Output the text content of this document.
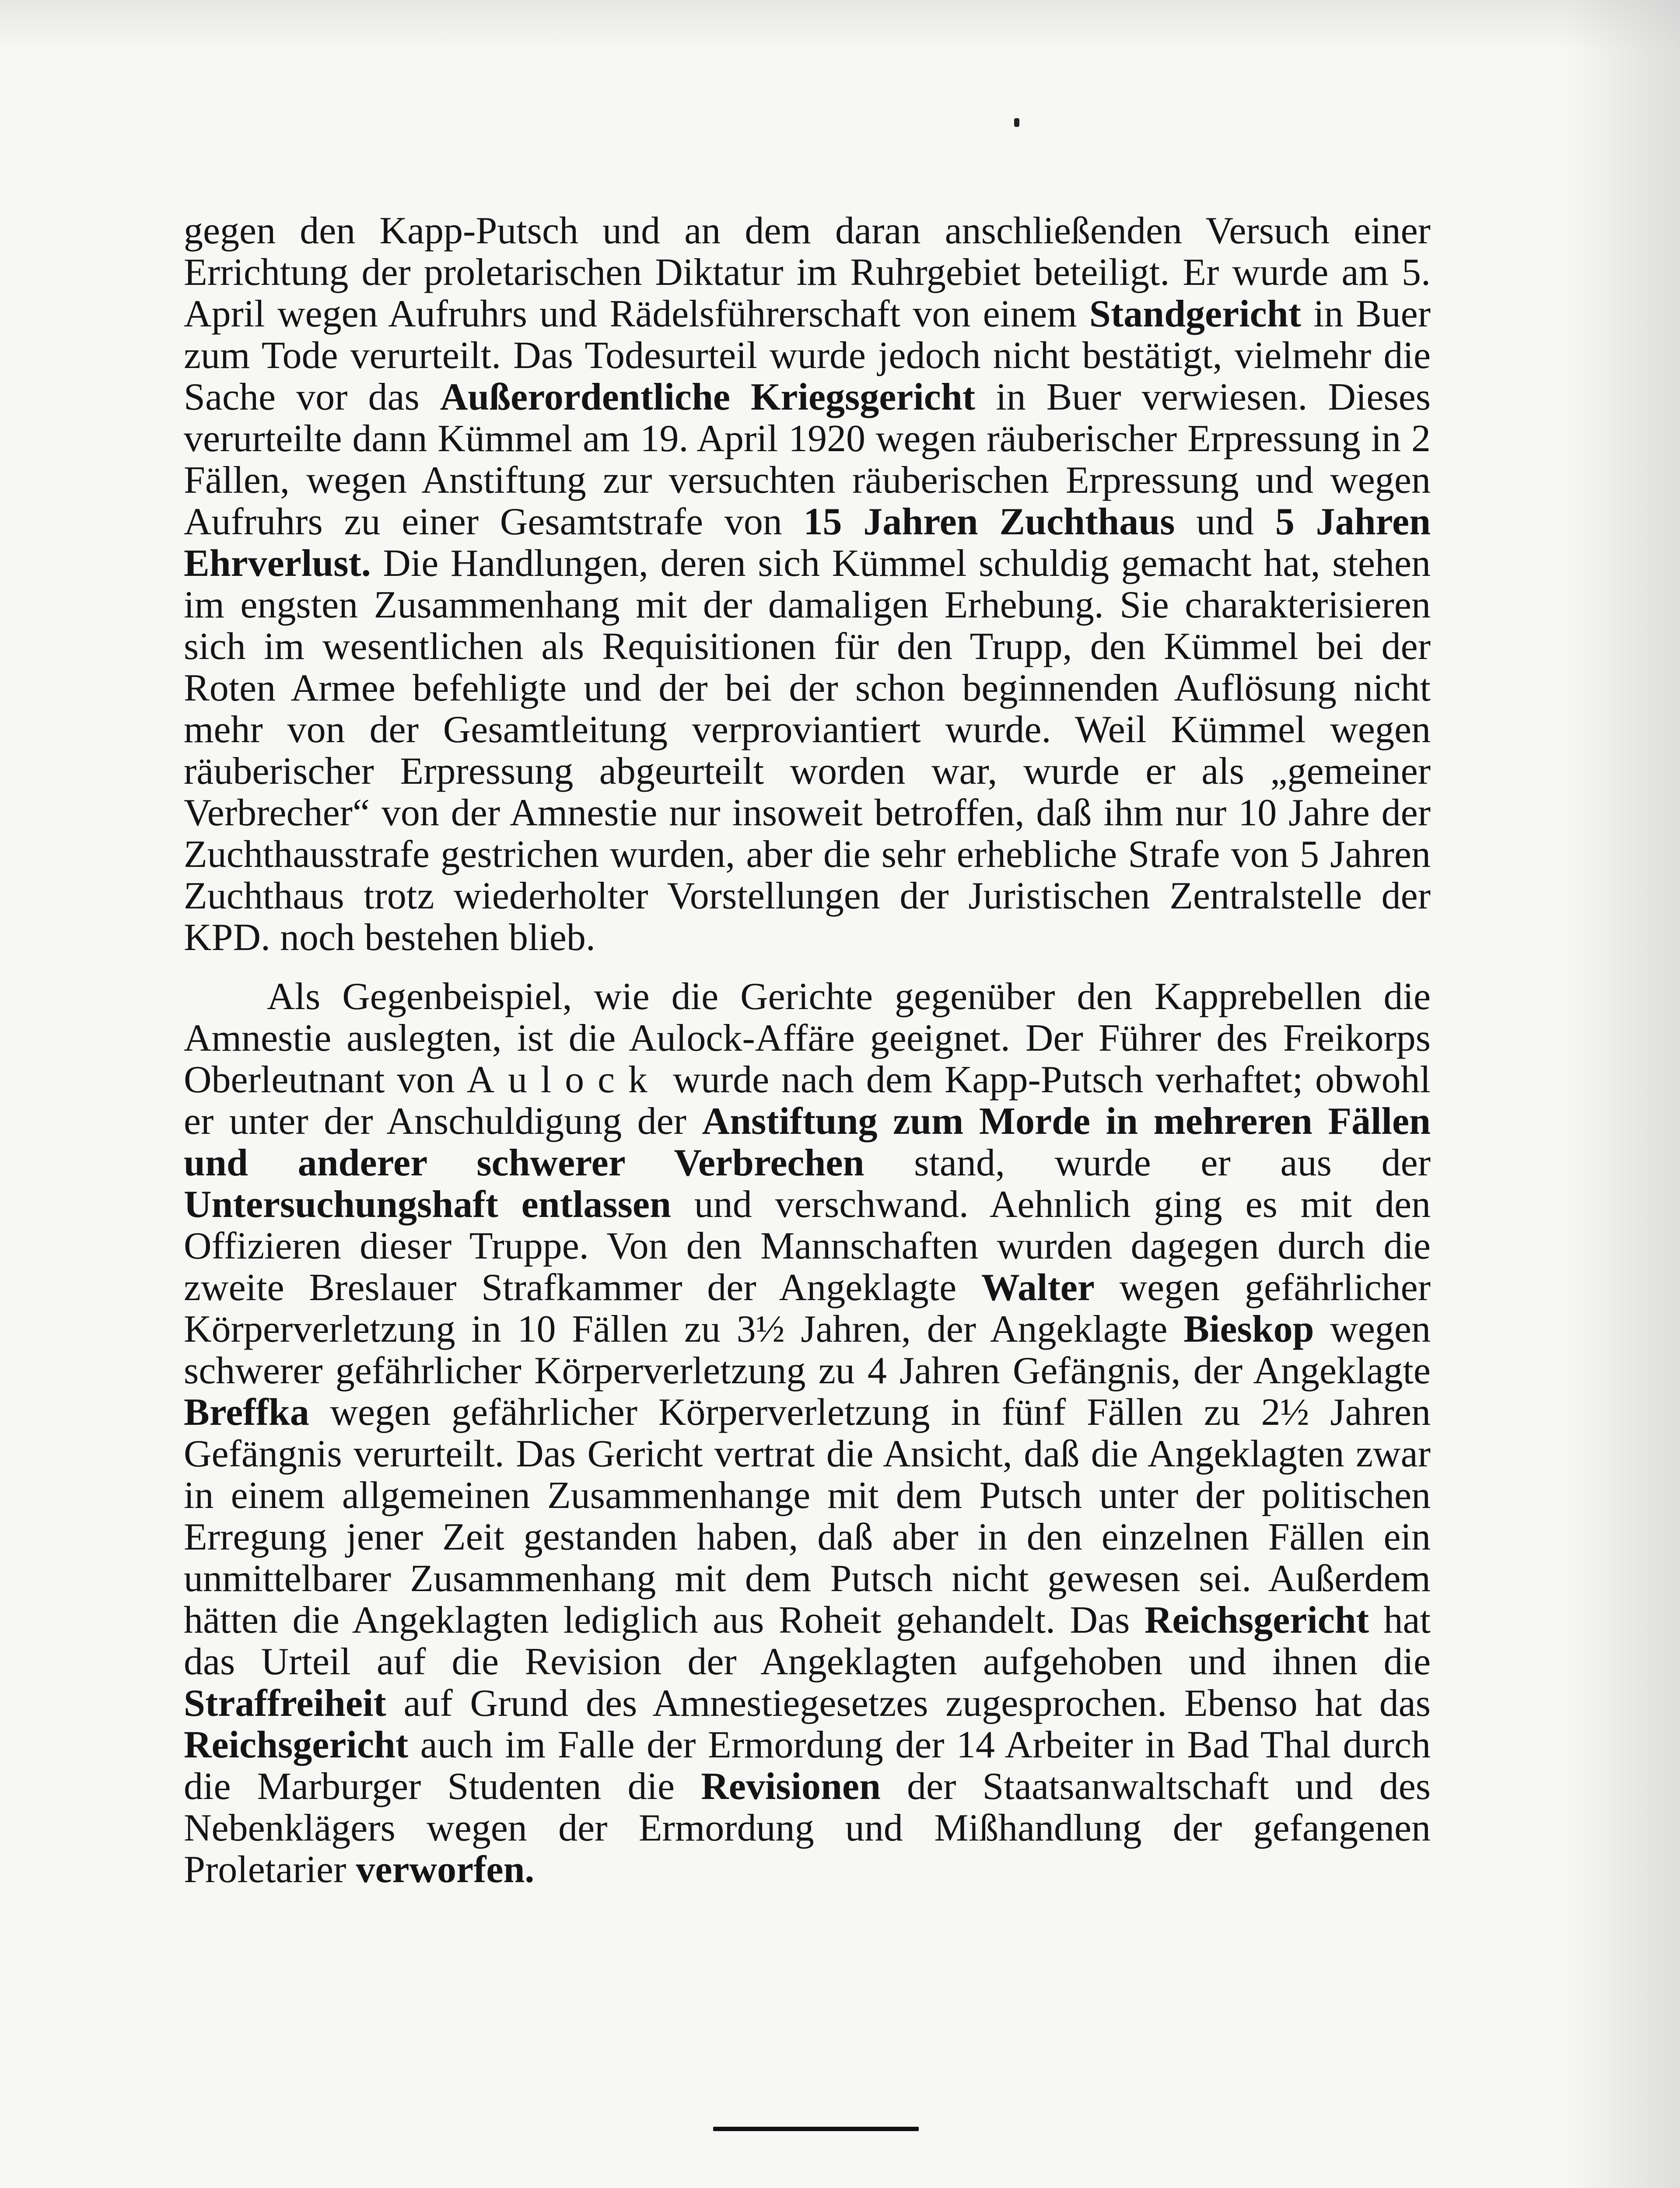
gegen den Kapp-Putsch und an dem daran anschließenden Versuch einer Errichtung der proletarischen Diktatur im Ruhrgebiet beteiligt. Er wurde am 5. April wegen Aufruhrs und Rädelsführerschaft von einem Standgericht in Buer zum Tode verurteilt. Das Todesurteil wurde jedoch nicht bestätigt, vielmehr die Sache vor das Außerordentliche Kriegsgericht in Buer verwiesen. Dieses verurteilte dann Kümmel am 19. April 1920 wegen räuberischer Erpressung in 2 Fällen, wegen Anstiftung zur versuchten räuberischen Erpressung und wegen Aufruhrs zu einer Gesamtstrafe von 15 Jahren Zuchthaus und 5 Jahren Ehrverlust. Die Handlungen, deren sich Kümmel schuldig gemacht hat, stehen im engsten Zusammenhang mit der damaligen Erhebung. Sie charakterisieren sich im wesentlichen als Requisitionen für den Trupp, den Kümmel bei der Roten Armee befehligte und der bei der schon beginnenden Auflösung nicht mehr von der Gesamtleitung verproviantiert wurde. Weil Kümmel wegen räuberischer Erpressung abgeurteilt worden war, wurde er als „gemeiner Verbrecher“ von der Amnestie nur insoweit betroffen, daß ihm nur 10 Jahre der Zuchthausstrafe gestrichen wurden, aber die sehr erhebliche Strafe von 5 Jahren Zuchthaus trotz wiederholter Vorstellungen der Juristischen Zentralstelle der KPD. noch bestehen blieb.

Als Gegenbeispiel, wie die Gerichte gegenüber den Kapprebellen die Amnestie auslegten, ist die Aulock-Affäre geeignet. Der Führer des Freikorps Oberleutnant von Aulock wurde nach dem Kapp-Putsch verhaftet; obwohl er unter der Anschuldigung der Anstiftung zum Morde in mehreren Fällen und anderer schwerer Verbrechen stand, wurde er aus der Untersuchungshaft entlassen und verschwand. Aehnlich ging es mit den Offizieren dieser Truppe. Von den Mannschaften wurden dagegen durch die zweite Breslauer Strafkammer der Angeklagte Walter wegen gefährlicher Körperverletzung in 10 Fällen zu 3½ Jahren, der Angeklagte Bieskop wegen schwerer gefährlicher Körperverletzung zu 4 Jahren Gefängnis, der Angeklagte Breffka wegen gefährlicher Körperverletzung in fünf Fällen zu 2½ Jahren Gefängnis verurteilt. Das Gericht vertrat die Ansicht, daß die Angeklagten zwar in einem allgemeinen Zusammenhange mit dem Putsch unter der politischen Erregung jener Zeit gestanden haben, daß aber in den einzelnen Fällen ein unmittelbarer Zusammenhang mit dem Putsch nicht gewesen sei. Außerdem hätten die Angeklagten lediglich aus Roheit gehandelt. Das Reichsgericht hat das Urteil auf die Revision der Angeklagten aufgehoben und ihnen die Straffreiheit auf Grund des Amnestiegesetzes zugesprochen. Ebenso hat das Reichsgericht auch im Falle der Ermordung der 14 Arbeiter in Bad Thal durch die Marburger Studenten die Revisionen der Staatsanwaltschaft und des Nebenklägers wegen der Ermordung und Mißhandlung der gefangenen Proletarier verworfen.
